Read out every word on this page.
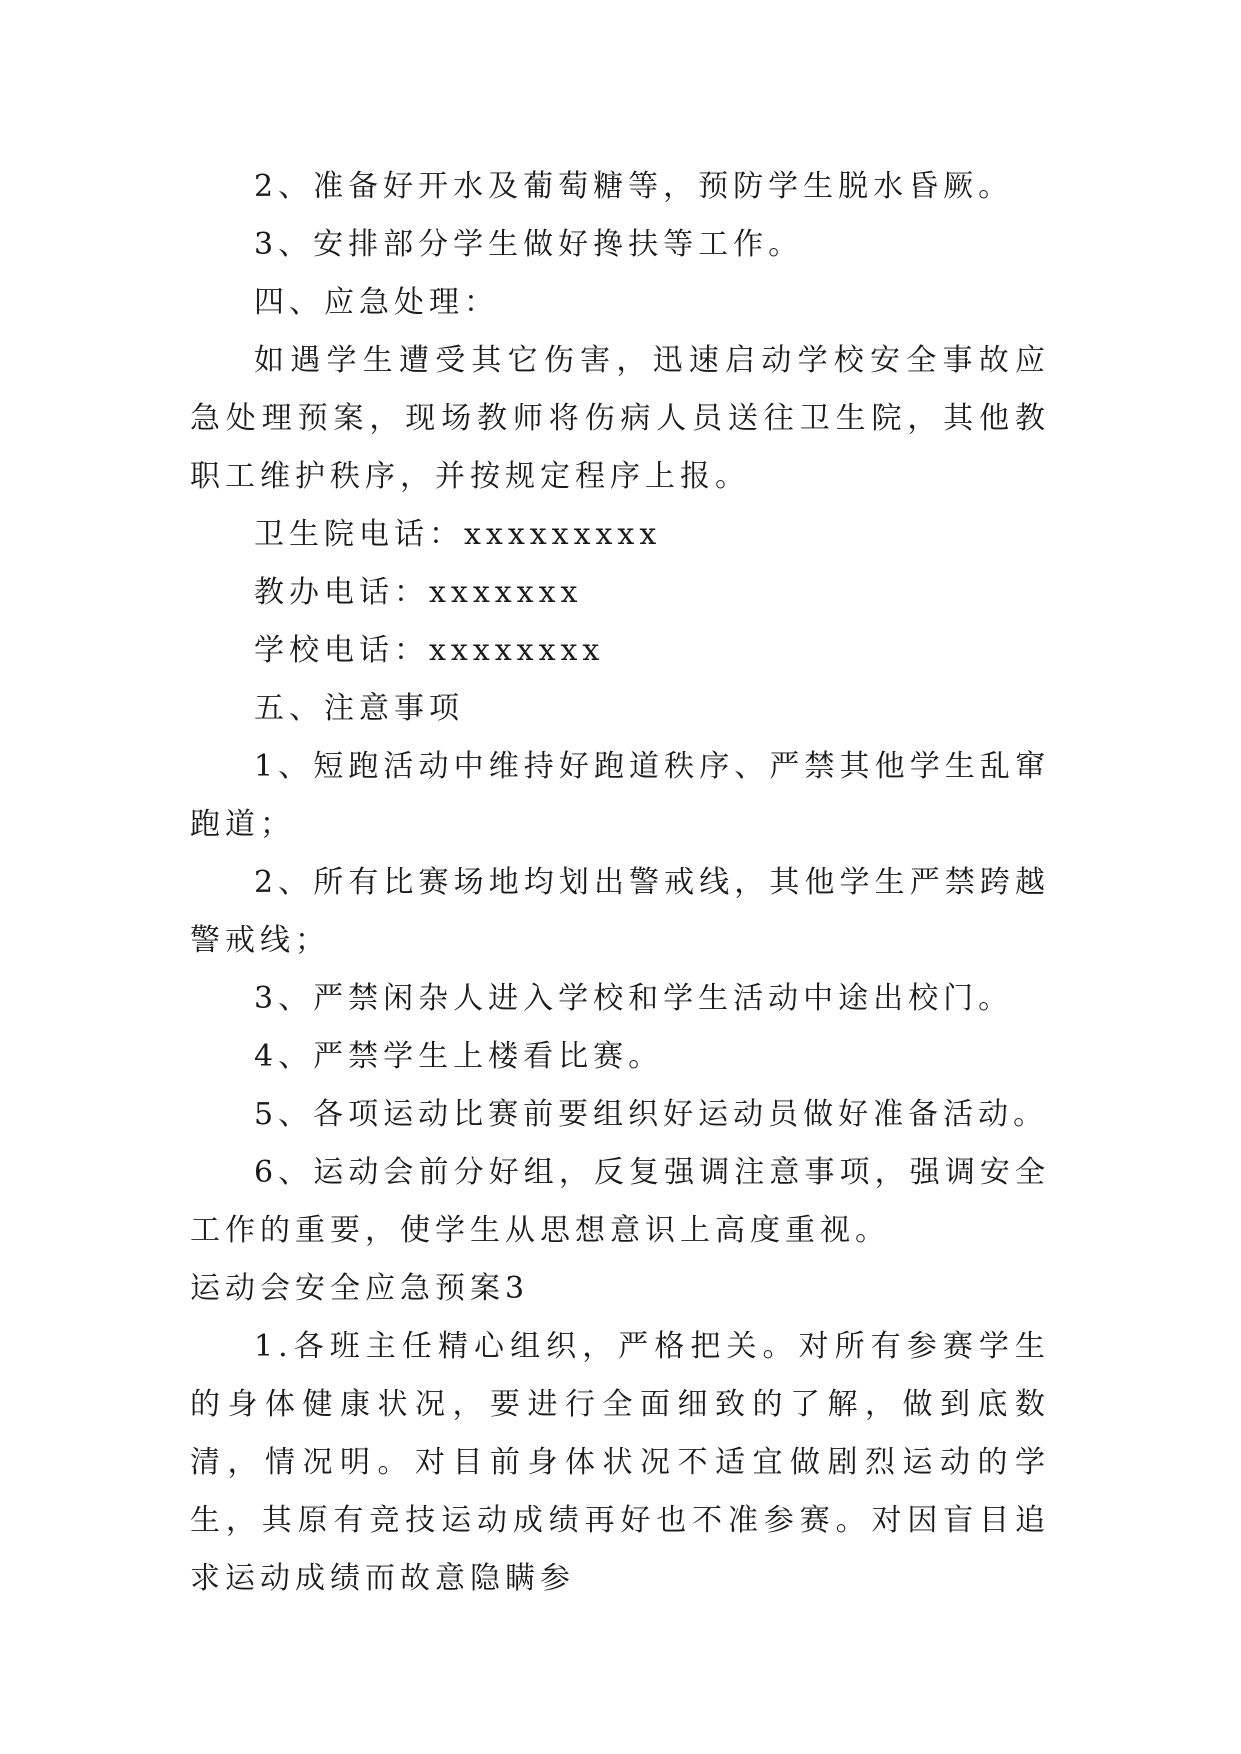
2、准备好开水及葡萄糖等，预防学生脱水昏厥。

3、安排部分学生做好搀扶等工作。

四、应急处理：

如遇学生遭受其它伤害，迅速启动学校安全事故应急处理预案，现场教师将伤病人员送往卫生院，其他教职工维护秩序，并按规定程序上报。

卫生院电话：xxxxxxxxx

教办电话：xxxxxxx

学校电话：xxxxxxxx

五、注意事项

1、短跑活动中维持好跑道秩序、严禁其他学生乱窜跑道；

2、所有比赛场地均划出警戒线，其他学生严禁跨越警戒线；

3、严禁闲杂人进入学校和学生活动中途出校门。

4、严禁学生上楼看比赛。

5、各项运动比赛前要组织好运动员做好准备活动。

6、运动会前分好组，反复强调注意事项，强调安全工作的重要，使学生从思想意识上高度重视。

运动会安全应急预案3

1.各班主任精心组织，严格把关。对所有参赛学生的身体健康状况，要进行全面细致的了解，做到底数清，情况明。对目前身体状况不适宜做剧烈运动的学生，其原有竞技运动成绩再好也不准参赛。对因盲目追求运动成绩而故意隐瞒参
